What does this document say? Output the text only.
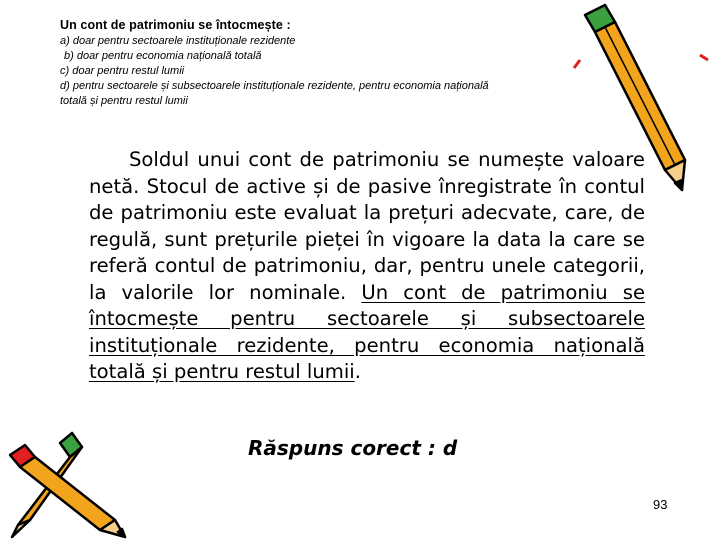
Un cont de patrimoniu se întocmește :

a) doar pentru sectoarele instituționale rezidente

b) doar pentru economia națională totală

c) doar pentru restul lumii

d) pentru sectoarele și subsectoarele instituționale rezidente, pentru economia națională

totală și pentru restul lumii

Soldul unui cont de patrimoniu se numește valoare netă. Stocul de active și de pasive înregistrate în contul de patrimoniu este evaluat la prețuri adecvate, care, de regulă, sunt prețurile pieței în vigoare la data la care se referă contul de patrimoniu, dar, pentru unele categorii, la valorile lor nominale. Un cont de patrimoniu se întocmește pentru sectoarele și subsectoarele instituționale rezidente, pentru economia națională totală și pentru restul lumii.

Răspuns corect : d

93
